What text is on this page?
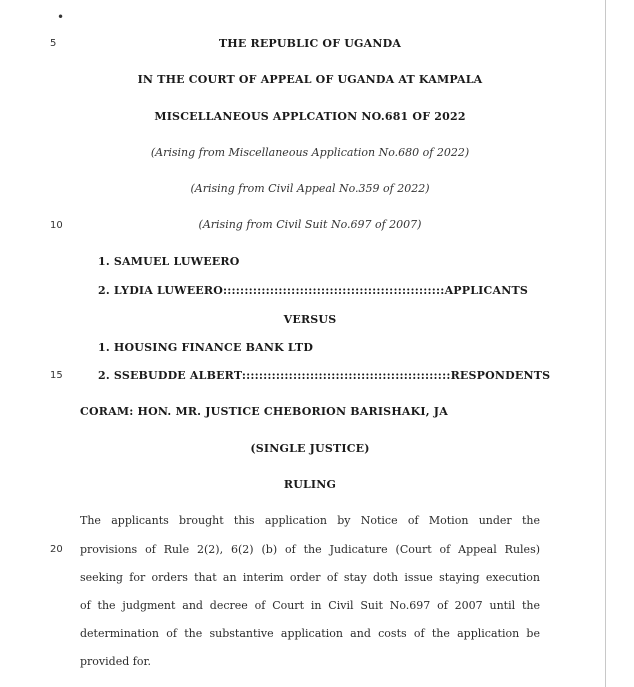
•
5
10
15
20
THE REPUBLIC OF UGANDA
IN THE COURT OF APPEAL OF UGANDA AT KAMPALA
MISCELLANEOUS APPLCATION NO.681 OF 2022
(Arising from Miscellaneous Application No.680 of 2022)
(Arising from Civil Appeal No.359 of 2022)
(Arising from Civil Suit No.697 of 2007)
1. SAMUEL LUWEERO
2. LYDIA LUWEERO::::::::::::::::::::::::::::::::::::::::::::::::::::APPLICANTS
VERSUS
1. HOUSING FINANCE BANK LTD
2. SSEBUDDE ALBERT:::::::::::::::::::::::::::::::::::::::::::::::::RESPONDENTS
CORAM: HON. MR. JUSTICE CHEBORION BARISHAKI, JA
(SINGLE JUSTICE)
RULING
The applicants brought this application by Notice of Motion under the
provisions of Rule 2(2), 6(2) (b) of the Judicature (Court of Appeal Rules)
seeking for orders that an interim order of stay doth issue staying execution
of the judgment and decree of Court in Civil Suit No.697 of 2007 until the
determination of the substantive application and costs of the application be
provided for.
